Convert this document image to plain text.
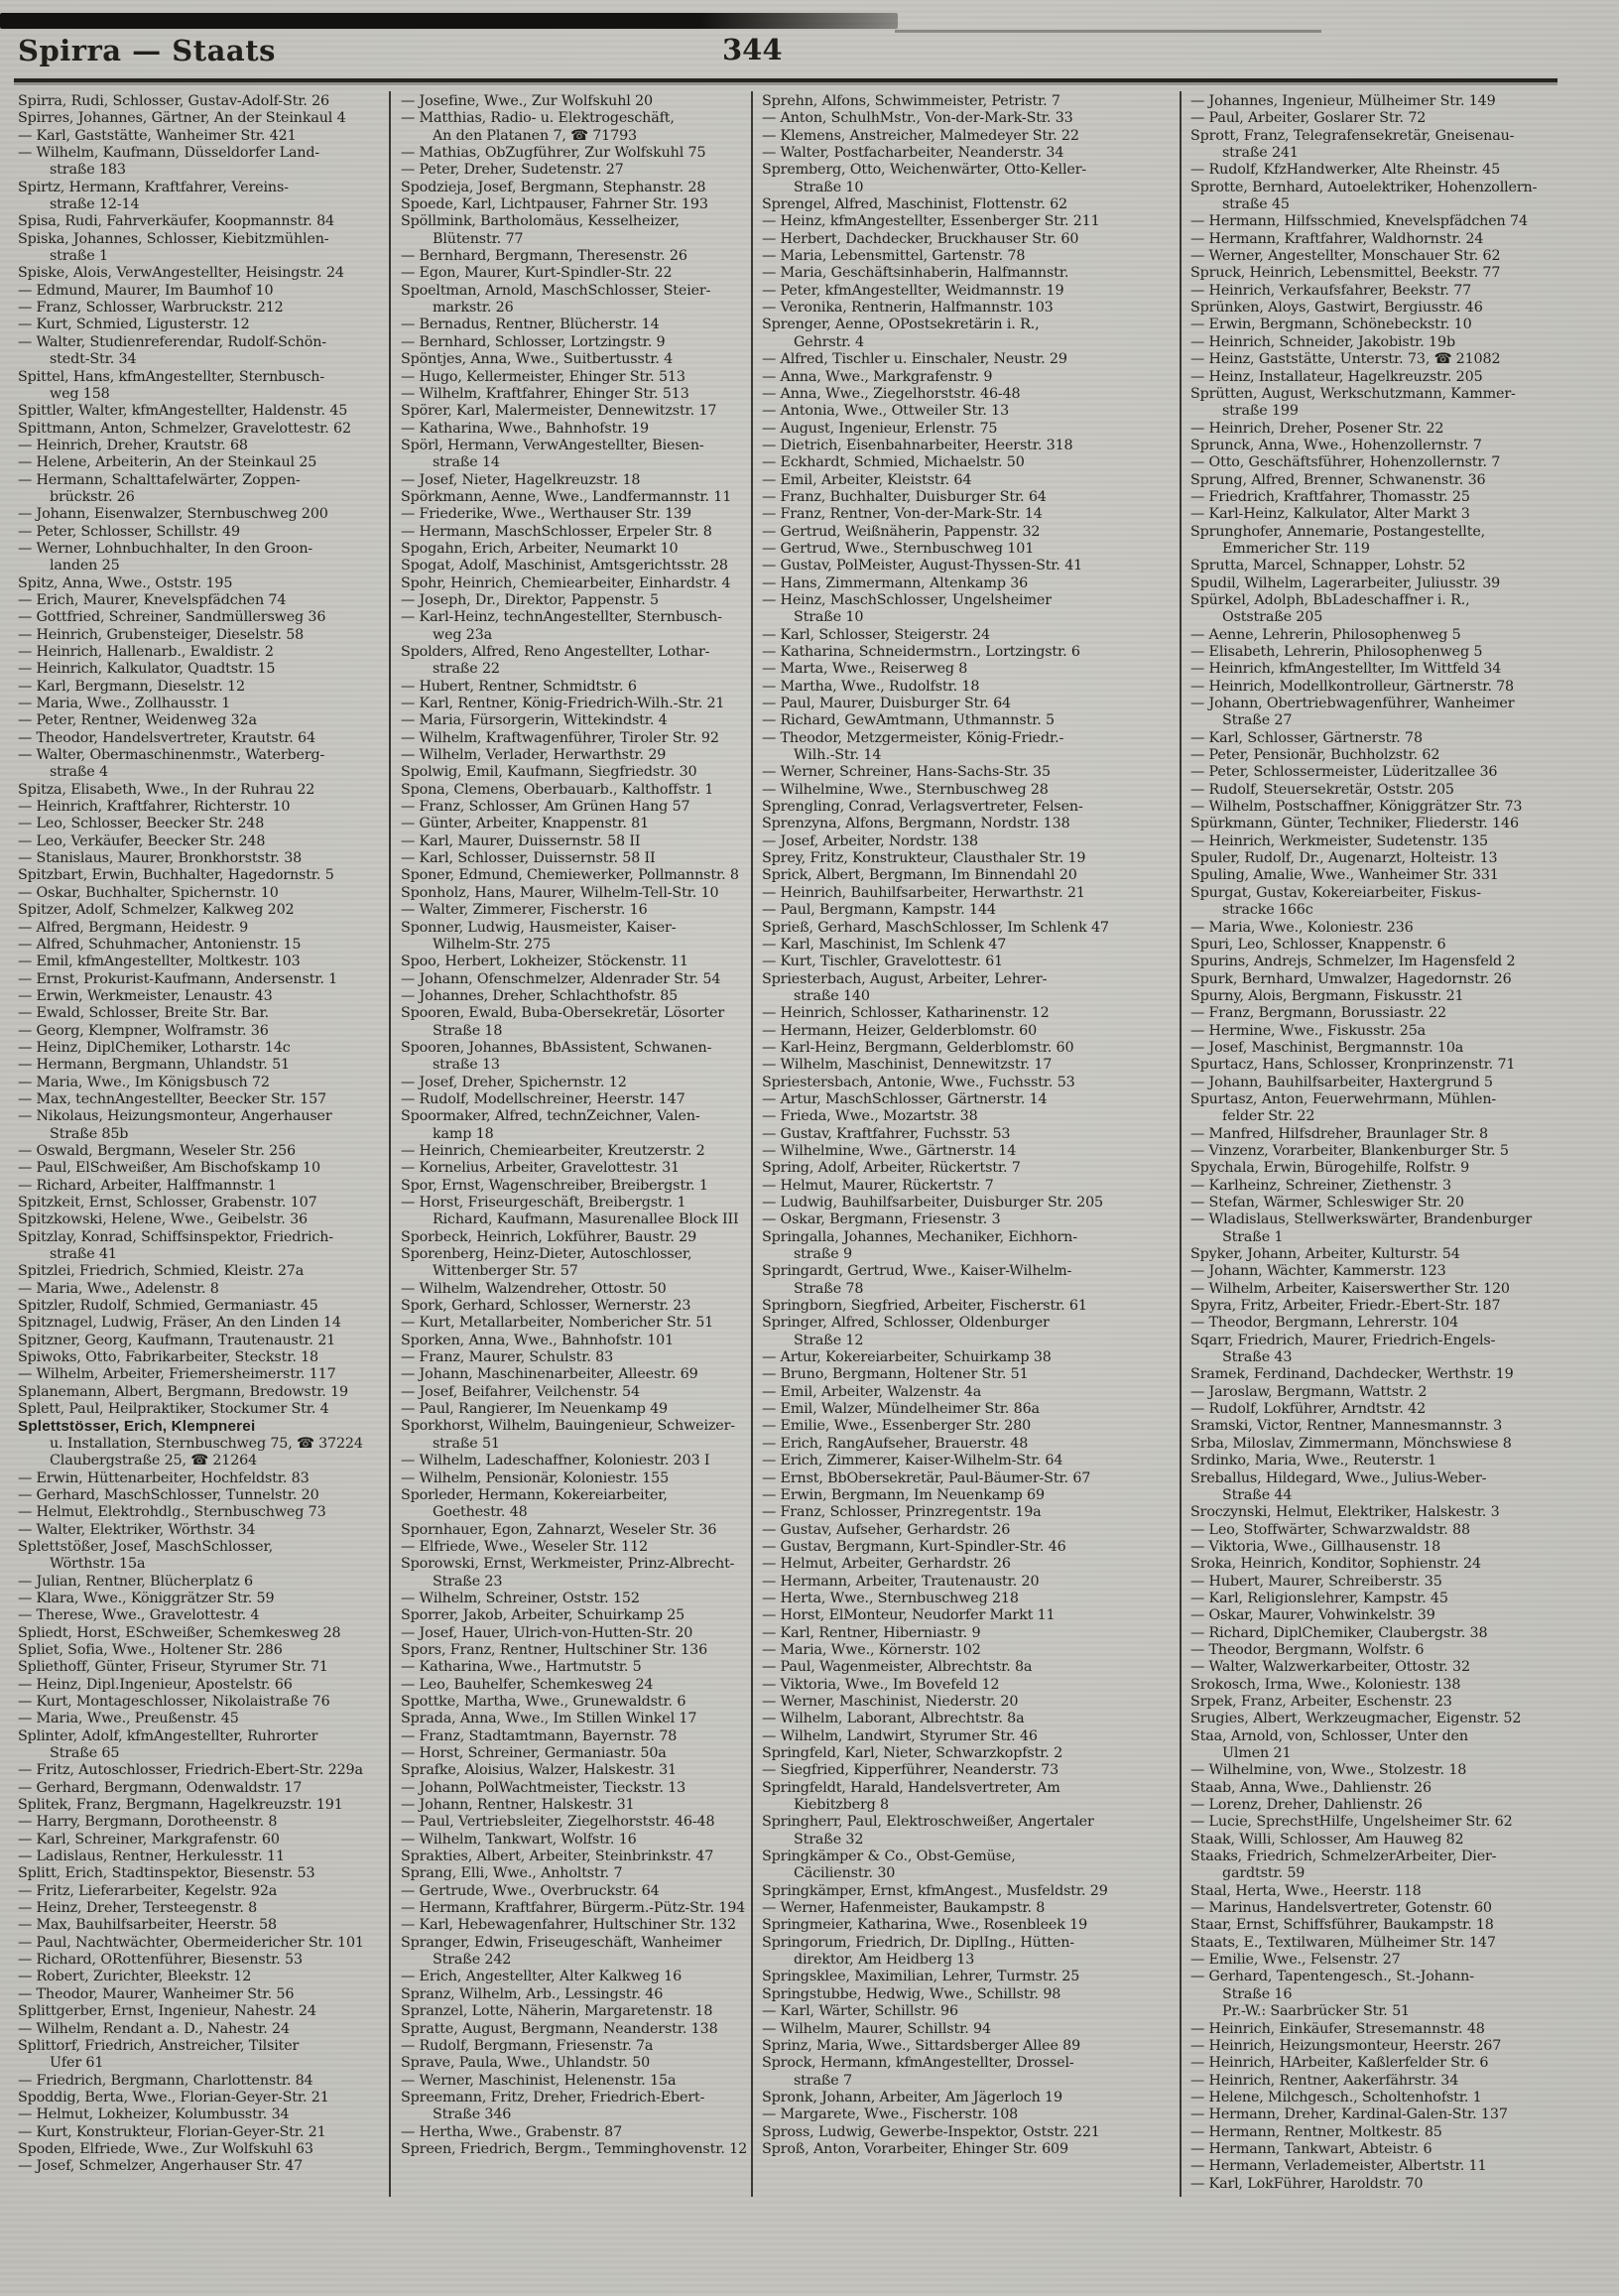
Spirra — Staats	344
Spirra, Rudi, Schlosser, Gustav-Adolf-Str. 26
Spirres, Johannes, Gärtner, An der Steinkaul 4
— Karl, Gaststätte, Wanheimer Str. 421
— Wilhelm, Kaufmann, Düsseldorfer Land-
straße 183
Spirtz, Hermann, Kraftfahrer, Vereins-
straße 12-14
Spisa, Rudi, Fahrverkäufer, Koopmannstr. 84
Spiska, Johannes, Schlosser, Kiebitzmühlen-
straße 1
Spiske, Alois, VerwAngestellter, Heisingstr. 24
— Edmund, Maurer, Im Baumhof 10
— Franz, Schlosser, Warbruckstr. 212
— Kurt, Schmied, Ligusterstr. 12
— Walter, Studienreferendar, Rudolf-Schön-
stedt-Str. 34
Spittel, Hans, kfmAngestellter, Sternbusch-
weg 158
Spittler, Walter, kfmAngestellter, Haldenstr. 45
Spittmann, Anton, Schmelzer, Gravelottestr. 62
— Heinrich, Dreher, Krautstr. 68
— Helene, Arbeiterin, An der Steinkaul 25
— Hermann, Schalttafelwärter, Zoppen-
brückstr. 26
— Johann, Eisenwalzer, Sternbuschweg 200
— Peter, Schlosser, Schillstr. 49
— Werner, Lohnbuchhalter, In den Groon-
landen 25
Spitz, Anna, Wwe., Oststr. 195
— Erich, Maurer, Knevelspfädchen 74
— Gottfried, Schreiner, Sandmüllersweg 36
— Heinrich, Grubensteiger, Dieselstr. 58
— Heinrich, Hallenarb., Ewaldistr. 2
— Heinrich, Kalkulator, Quadtstr. 15
— Karl, Bergmann, Dieselstr. 12
— Maria, Wwe., Zollhausstr. 1
— Peter, Rentner, Weidenweg 32a
— Theodor, Handelsvertreter, Krautstr. 64
— Walter, Obermaschinenmstr., Waterberg-
straße 4
Spitza, Elisabeth, Wwe., In der Ruhrau 22
— Heinrich, Kraftfahrer, Richterstr. 10
— Leo, Schlosser, Beecker Str. 248
— Leo, Verkäufer, Beecker Str. 248
— Stanislaus, Maurer, Bronkhorststr. 38
Spitzbart, Erwin, Buchhalter, Hagedornstr. 5
— Oskar, Buchhalter, Spichernstr. 10
Spitzer, Adolf, Schmelzer, Kalkweg 202
— Alfred, Bergmann, Heidestr. 9
— Alfred, Schuhmacher, Antonienstr. 15
— Emil, kfmAngestellter, Moltkestr. 103
— Ernst, Prokurist-Kaufmann, Andersenstr. 1
— Erwin, Werkmeister, Lenaustr. 43
— Ewald, Schlosser, Breite Str. Bar.
— Georg, Klempner, Wolframstr. 36
— Heinz, DiplChemiker, Lotharstr. 14c
— Hermann, Bergmann, Uhlandstr. 51
— Maria, Wwe., Im Königsbusch 72
— Max, technAngestellter, Beecker Str. 157
— Nikolaus, Heizungsmonteur, Angerhauser
Straße 85b
— Oswald, Bergmann, Weseler Str. 256
— Paul, ElSchweißer, Am Bischofskamp 10
— Richard, Arbeiter, Halffmannstr. 1
Spitzkeit, Ernst, Schlosser, Grabenstr. 107
Spitzkowski, Helene, Wwe., Geibelstr. 36
Spitzlay, Konrad, Schiffsinspektor, Friedrich-
straße 41
Spitzlei, Friedrich, Schmied, Kleistr. 27a
— Maria, Wwe., Adelenstr. 8
Spitzler, Rudolf, Schmied, Germaniastr. 45
Spitznagel, Ludwig, Fräser, An den Linden 14
Spitzner, Georg, Kaufmann, Trautenaustr. 21
Spiwoks, Otto, Fabrikarbeiter, Steckstr. 18
— Wilhelm, Arbeiter, Friemersheimerstr. 117
Splanemann, Albert, Bergmann, Bredowstr. 19
Splett, Paul, Heilpraktiker, Stockumer Str. 4
Splettstösser, Erich, Klempnerei
u. Installation, Sternbuschweg 75, ☎ 37224
Claubergstraße 25, ☎ 21264
— Erwin, Hüttenarbeiter, Hochfeldstr. 83
— Gerhard, MaschSchlosser, Tunnelstr. 20
— Helmut, Elektrohdlg., Sternbuschweg 73
— Walter, Elektriker, Wörthstr. 34
Splettstößer, Josef, MaschSchlosser,
Wörthstr. 15a
— Julian, Rentner, Blücherplatz 6
— Klara, Wwe., Königgrätzer Str. 59
— Therese, Wwe., Gravelottestr. 4
Spliedt, Horst, ESchweißer, Schemkesweg 28
Spliet, Sofia, Wwe., Holtener Str. 286
Spliethoff, Günter, Friseur, Styrumer Str. 71
— Heinz, Dipl.Ingenieur, Apostelstr. 66
— Kurt, Montageschlosser, Nikolaistraße 76
— Maria, Wwe., Preußenstr. 45
Splinter, Adolf, kfmAngestellter, Ruhrorter
Straße 65
— Fritz, Autoschlosser, Friedrich-Ebert-Str. 229a
— Gerhard, Bergmann, Odenwaldstr. 17
Splitek, Franz, Bergmann, Hagelkreuzstr. 191
— Harry, Bergmann, Dorotheenstr. 8
— Karl, Schreiner, Markgrafenstr. 60
— Ladislaus, Rentner, Herkulesstr. 11
Splitt, Erich, Stadtinspektor, Biesenstr. 53
— Fritz, Lieferarbeiter, Kegelstr. 92a
— Heinz, Dreher, Tersteegenstr. 8
— Max, Bauhilfsarbeiter, Heerstr. 58
— Paul, Nachtwächter, Obermeidericher Str. 101
— Richard, ORottenführer, Biesenstr. 53
— Robert, Zurichter, Bleekstr. 12
— Theodor, Maurer, Wanheimer Str. 56
Splittgerber, Ernst, Ingenieur, Nahestr. 24
— Wilhelm, Rendant a. D., Nahestr. 24
Splittorf, Friedrich, Anstreicher, Tilsiter
Ufer 61
— Friedrich, Bergmann, Charlottenstr. 84
Spoddig, Berta, Wwe., Florian-Geyer-Str. 21
— Helmut, Lokheizer, Kolumbusstr. 34
— Kurt, Konstrukteur, Florian-Geyer-Str. 21
Spoden, Elfriede, Wwe., Zur Wolfskuhl 63
— Josef, Schmelzer, Angerhauser Str. 47
— Josefine, Wwe., Zur Wolfskuhl 20
— Matthias, Radio- u. Elektrogeschäft,
An den Platanen 7, ☎ 71793
— Mathias, ObZugführer, Zur Wolfskuhl 75
— Peter, Dreher, Sudetenstr. 27
Spodzieja, Josef, Bergmann, Stephanstr. 28
Spoede, Karl, Lichtpauser, Fahrner Str. 193
Spöllmink, Bartholomäus, Kesselheizer,
Blütenstr. 77
— Bernhard, Bergmann, Theresenstr. 26
— Egon, Maurer, Kurt-Spindler-Str. 22
Spoeltman, Arnold, MaschSchlosser, Steier-
markstr. 26
— Bernadus, Rentner, Blücherstr. 14
— Bernhard, Schlosser, Lortzingstr. 9
Spöntjes, Anna, Wwe., Suitbertusstr. 4
— Hugo, Kellermeister, Ehinger Str. 513
— Wilhelm, Kraftfahrer, Ehinger Str. 513
Spörer, Karl, Malermeister, Dennewitzstr. 17
— Katharina, Wwe., Bahnhofstr. 19
Spörl, Hermann, VerwAngestellter, Biesen-
straße 14
— Josef, Nieter, Hagelkreuzstr. 18
Spörkmann, Aenne, Wwe., Landfermannstr. 11
— Friederike, Wwe., Werthauser Str. 139
— Hermann, MaschSchlosser, Erpeler Str. 8
Spogahn, Erich, Arbeiter, Neumarkt 10
Spogat, Adolf, Maschinist, Amtsgerichtsstr. 28
Spohr, Heinrich, Chemiearbeiter, Einhardstr. 4
— Joseph, Dr., Direktor, Pappenstr. 5
— Karl-Heinz, technAngestellter, Sternbusch-
weg 23a
Spolders, Alfred, Reno Angestellter, Lothar-
straße 22
— Hubert, Rentner, Schmidtstr. 6
— Karl, Rentner, König-Friedrich-Wilh.-Str. 21
— Maria, Fürsorgerin, Wittekindstr. 4
— Wilhelm, Kraftwagenführer, Tiroler Str. 92
— Wilhelm, Verlader, Herwarthstr. 29
Spolwig, Emil, Kaufmann, Siegfriedstr. 30
Spona, Clemens, Oberbauarb., Kalthoffstr. 1
— Franz, Schlosser, Am Grünen Hang 57
— Günter, Arbeiter, Knappenstr. 81
— Karl, Maurer, Duissernstr. 58 II
— Karl, Schlosser, Duissernstr. 58 II
Sponer, Edmund, Chemiewerker, Pollmannstr. 8
Sponholz, Hans, Maurer, Wilhelm-Tell-Str. 10
— Walter, Zimmerer, Fischerstr. 16
Sponner, Ludwig, Hausmeister, Kaiser-
Wilhelm-Str. 275
Spoo, Herbert, Lokheizer, Stöckenstr. 11
— Johann, Ofenschmelzer, Aldenrader Str. 54
— Johannes, Dreher, Schlachthofstr. 85
Spooren, Ewald, Buba-Obersekretär, Lösorter
Straße 18
Spooren, Johannes, BbAssistent, Schwanen-
straße 13
— Josef, Dreher, Spichernstr. 12
— Rudolf, Modellschreiner, Heerstr. 147
Spoormaker, Alfred, technZeichner, Valen-
kamp 18
— Heinrich, Chemiearbeiter, Kreutzerstr. 2
— Kornelius, Arbeiter, Gravelottestr. 31
Spor, Ernst, Wagenschreiber, Breibergstr. 1
— Horst, Friseurgeschäft, Breibergstr. 1
Richard, Kaufmann, Masurenallee Block III
Sporbeck, Heinrich, Lokführer, Baustr. 29
Sporenberg, Heinz-Dieter, Autoschlosser,
Wittenberger Str. 57
— Wilhelm, Walzendreher, Ottostr. 50
Spork, Gerhard, Schlosser, Wernerstr. 23
— Kurt, Metallarbeiter, Nombericher Str. 51
Sporken, Anna, Wwe., Bahnhofstr. 101
— Franz, Maurer, Schulstr. 83
— Johann, Maschinenarbeiter, Alleestr. 69
— Josef, Beifahrer, Veilchenstr. 54
— Paul, Rangierer, Im Neuenkamp 49
Sporkhorst, Wilhelm, Bauingenieur, Schweizer-
straße 51
— Wilhelm, Ladeschaffner, Koloniestr. 203 I
— Wilhelm, Pensionär, Koloniestr. 155
Sporleder, Hermann, Kokereiarbeiter,
Goethestr. 48
Spornhauer, Egon, Zahnarzt, Weseler Str. 36
— Elfriede, Wwe., Weseler Str. 112
Sporowski, Ernst, Werkmeister, Prinz-Albrecht-
Straße 23
— Wilhelm, Schreiner, Oststr. 152
Sporrer, Jakob, Arbeiter, Schuirkamp 25
— Josef, Hauer, Ulrich-von-Hutten-Str. 20
Spors, Franz, Rentner, Hultschiner Str. 136
— Katharina, Wwe., Hartmutstr. 5
— Leo, Bauhelfer, Schemkesweg 24
Spottke, Martha, Wwe., Grunewaldstr. 6
Sprada, Anna, Wwe., Im Stillen Winkel 17
— Franz, Stadtamtmann, Bayernstr. 78
— Horst, Schreiner, Germaniastr. 50a
Sprafke, Aloisius, Walzer, Halskestr. 31
— Johann, PolWachtmeister, Tieckstr. 13
— Johann, Rentner, Halskestr. 31
— Paul, Vertriebsleiter, Ziegelhorststr. 46-48
— Wilhelm, Tankwart, Wolfstr. 16
Sprakties, Albert, Arbeiter, Steinbrinkstr. 47
Sprang, Elli, Wwe., Anholtstr. 7
— Gertrude, Wwe., Overbruckstr. 64
— Hermann, Kraftfahrer, Bürgerm.-Pütz-Str. 194
— Karl, Hebewagenfahrer, Hultschiner Str. 132
Spranger, Edwin, Friseugeschäft, Wanheimer
Straße 242
— Erich, Angestellter, Alter Kalkweg 16
Spranz, Wilhelm, Arb., Lessingstr. 46
Spranzel, Lotte, Näherin, Margaretenstr. 18
Spratte, August, Bergmann, Neanderstr. 138
— Rudolf, Bergmann, Friesenstr. 7a
Sprave, Paula, Wwe., Uhlandstr. 50
— Werner, Maschinist, Helenenstr. 15a
Spreemann, Fritz, Dreher, Friedrich-Ebert-
Straße 346
— Hertha, Wwe., Grabenstr. 87
Spreen, Friedrich, Bergm., Temminghovenstr. 12
Sprehn, Alfons, Schwimmeister, Petristr. 7
— Anton, SchulhMstr., Von-der-Mark-Str. 33
— Klemens, Anstreicher, Malmedeyer Str. 22
— Walter, Postfacharbeiter, Neanderstr. 34
Spremberg, Otto, Weichenwärter, Otto-Keller-
Straße 10
Sprengel, Alfred, Maschinist, Flottenstr. 62
— Heinz, kfmAngestellter, Essenberger Str. 211
— Herbert, Dachdecker, Bruckhauser Str. 60
— Maria, Lebensmittel, Gartenstr. 78
— Maria, Geschäftsinhaberin, Halfmannstr.
— Peter, kfmAngestellter, Weidmannstr. 19
— Veronika, Rentnerin, Halfmannstr. 103
Sprenger, Aenne, OPostsekretärin i. R.,
Gehrstr. 4
— Alfred, Tischler u. Einschaler, Neustr. 29
— Anna, Wwe., Markgrafenstr. 9
— Anna, Wwe., Ziegelhorststr. 46-48
— Antonia, Wwe., Ottweiler Str. 13
— August, Ingenieur, Erlenstr. 75
— Dietrich, Eisenbahnarbeiter, Heerstr. 318
— Eckhardt, Schmied, Michaelstr. 50
— Emil, Arbeiter, Kleiststr. 64
— Franz, Buchhalter, Duisburger Str. 64
— Franz, Rentner, Von-der-Mark-Str. 14
— Gertrud, Weißnäherin, Pappenstr. 32
— Gertrud, Wwe., Sternbuschweg 101
— Gustav, PolMeister, August-Thyssen-Str. 41
— Hans, Zimmermann, Altenkamp 36
— Heinz, MaschSchlosser, Ungelsheimer
Straße 10
— Karl, Schlosser, Steigerstr. 24
— Katharina, Schneidermstrn., Lortzingstr. 6
— Marta, Wwe., Reiserweg 8
— Martha, Wwe., Rudolfstr. 18
— Paul, Maurer, Duisburger Str. 64
— Richard, GewAmtmann, Uthmannstr. 5
— Theodor, Metzgermeister, König-Friedr.-
Wilh.-Str. 14
— Werner, Schreiner, Hans-Sachs-Str. 35
— Wilhelmine, Wwe., Sternbuschweg 28
Sprengling, Conrad, Verlagsvertreter, Felsen-
Sprenzyna, Alfons, Bergmann, Nordstr. 138
— Josef, Arbeiter, Nordstr. 138
Sprey, Fritz, Konstrukteur, Clausthaler Str. 19
Sprick, Albert, Bergmann, Im Binnendahl 20
— Heinrich, Bauhilfsarbeiter, Herwarthstr. 21
— Paul, Bergmann, Kampstr. 144
Sprieß, Gerhard, MaschSchlosser, Im Schlenk 47
— Karl, Maschinist, Im Schlenk 47
— Kurt, Tischler, Gravelottestr. 61
Spriesterbach, August, Arbeiter, Lehrer-
straße 140
— Heinrich, Schlosser, Katharinenstr. 12
— Hermann, Heizer, Gelderblomstr. 60
— Karl-Heinz, Bergmann, Gelderblomstr. 60
— Wilhelm, Maschinist, Dennewitzstr. 17
Spriestersbach, Antonie, Wwe., Fuchsstr. 53
— Artur, MaschSchlosser, Gärtnerstr. 14
— Frieda, Wwe., Mozartstr. 38
— Gustav, Kraftfahrer, Fuchsstr. 53
— Wilhelmine, Wwe., Gärtnerstr. 14
Spring, Adolf, Arbeiter, Rückertstr. 7
— Helmut, Maurer, Rückertstr. 7
— Ludwig, Bauhilfsarbeiter, Duisburger Str. 205
— Oskar, Bergmann, Friesenstr. 3
Springalla, Johannes, Mechaniker, Eichhorn-
straße 9
Springardt, Gertrud, Wwe., Kaiser-Wilhelm-
Straße 78
Springborn, Siegfried, Arbeiter, Fischerstr. 61
Springer, Alfred, Schlosser, Oldenburger
Straße 12
— Artur, Kokereiarbeiter, Schuirkamp 38
— Bruno, Bergmann, Holtener Str. 51
— Emil, Arbeiter, Walzenstr. 4a
— Emil, Walzer, Mündelheimer Str. 86a
— Emilie, Wwe., Essenberger Str. 280
— Erich, RangAufseher, Brauerstr. 48
— Erich, Zimmerer, Kaiser-Wilhelm-Str. 64
— Ernst, BbObersekretär, Paul-Bäumer-Str. 67
— Erwin, Bergmann, Im Neuenkamp 69
— Franz, Schlosser, Prinzregentstr. 19a
— Gustav, Aufseher, Gerhardstr. 26
— Gustav, Bergmann, Kurt-Spindler-Str. 46
— Helmut, Arbeiter, Gerhardstr. 26
— Hermann, Arbeiter, Trautenaustr. 20
— Herta, Wwe., Sternbuschweg 218
— Horst, ElMonteur, Neudorfer Markt 11
— Karl, Rentner, Hiberniastr. 9
— Maria, Wwe., Körnerstr. 102
— Paul, Wagenmeister, Albrechtstr. 8a
— Viktoria, Wwe., Im Bovefeld 12
— Werner, Maschinist, Niederstr. 20
— Wilhelm, Laborant, Albrechtstr. 8a
— Wilhelm, Landwirt, Styrumer Str. 46
Springfeld, Karl, Nieter, Schwarzkopfstr. 2
— Siegfried, Kipperführer, Neanderstr. 73
Springfeldt, Harald, Handelsvertreter, Am
Kiebitzberg 8
Springherr, Paul, Elektroschweißer, Angertaler
Straße 32
Springkämper & Co., Obst-Gemüse,
Cäcilienstr. 30
Springkämper, Ernst, kfmAngest., Musfeldstr. 29
— Werner, Hafenmeister, Baukampstr. 8
Springmeier, Katharina, Wwe., Rosenbleek 19
Springorum, Friedrich, Dr. DiplIng., Hütten-
direktor, Am Heidberg 13
Springsklee, Maximilian, Lehrer, Turmstr. 25
Springstubbe, Hedwig, Wwe., Schillstr. 98
— Karl, Wärter, Schillstr. 96
— Wilhelm, Maurer, Schillstr. 94
Sprinz, Maria, Wwe., Sittardsberger Allee 89
Sprock, Hermann, kfmAngestellter, Drossel-
straße 7
Spronk, Johann, Arbeiter, Am Jägerloch 19
— Margarete, Wwe., Fischerstr. 108
Spross, Ludwig, Gewerbe-Inspektor, Oststr. 221
Sproß, Anton, Vorarbeiter, Ehinger Str. 609
— Johannes, Ingenieur, Mülheimer Str. 149
— Paul, Arbeiter, Goslarer Str. 72
Sprott, Franz, Telegrafensekretär, Gneisenau-
straße 241
— Rudolf, KfzHandwerker, Alte Rheinstr. 45
Sprotte, Bernhard, Autoelektriker, Hohenzollern-
straße 45
— Hermann, Hilfsschmied, Knevelspfädchen 74
— Hermann, Kraftfahrer, Waldhornstr. 24
— Werner, Angestellter, Monschauer Str. 62
Spruck, Heinrich, Lebensmittel, Beekstr. 77
— Heinrich, Verkaufsfahrer, Beekstr. 77
Sprünken, Aloys, Gastwirt, Bergiusstr. 46
— Erwin, Bergmann, Schönebeckstr. 10
— Heinrich, Schneider, Jakobistr. 19b
— Heinz, Gaststätte, Unterstr. 73, ☎ 21082
— Heinz, Installateur, Hagelkreuzstr. 205
Sprütten, August, Werkschutzmann, Kammer-
straße 199
— Heinrich, Dreher, Posener Str. 22
Sprunck, Anna, Wwe., Hohenzollernstr. 7
— Otto, Geschäftsführer, Hohenzollernstr. 7
Sprung, Alfred, Brenner, Schwanenstr. 36
— Friedrich, Kraftfahrer, Thomasstr. 25
— Karl-Heinz, Kalkulator, Alter Markt 3
Sprunghofer, Annemarie, Postangestellte,
Emmericher Str. 119
Sprutta, Marcel, Schnapper, Lohstr. 52
Spudil, Wilhelm, Lagerarbeiter, Juliusstr. 39
Spürkel, Adolph, BbLadeschaffner i. R.,
Oststraße 205
— Aenne, Lehrerin, Philosophenweg 5
— Elisabeth, Lehrerin, Philosophenweg 5
— Heinrich, kfmAngestellter, Im Wittfeld 34
— Heinrich, Modellkontrolleur, Gärtnerstr. 78
— Johann, Obertriebwagenführer, Wanheimer
Straße 27
— Karl, Schlosser, Gärtnerstr. 78
— Peter, Pensionär, Buchholzstr. 62
— Peter, Schlossermeister, Lüderitzallee 36
— Rudolf, Steuersekretär, Oststr. 205
— Wilhelm, Postschaffner, Königgrätzer Str. 73
Spürkmann, Günter, Techniker, Fliederstr. 146
— Heinrich, Werkmeister, Sudetenstr. 135
Spuler, Rudolf, Dr., Augenarzt, Holteistr. 13
Spuling, Amalie, Wwe., Wanheimer Str. 331
Spurgat, Gustav, Kokereiarbeiter, Fiskus-
stracke 166c
— Maria, Wwe., Koloniestr. 236
Spuri, Leo, Schlosser, Knappenstr. 6
Spurins, Andrejs, Schmelzer, Im Hagensfeld 2
Spurk, Bernhard, Umwalzer, Hagedornstr. 26
Spurny, Alois, Bergmann, Fiskusstr. 21
— Franz, Bergmann, Borussiastr. 22
— Hermine, Wwe., Fiskusstr. 25a
— Josef, Maschinist, Bergmannstr. 10a
Spurtacz, Hans, Schlosser, Kronprinzenstr. 71
— Johann, Bauhilfsarbeiter, Haxtergrund 5
Spurtasz, Anton, Feuerwehrmann, Mühlen-
felder Str. 22
— Manfred, Hilfsdreher, Braunlager Str. 8
— Vinzenz, Vorarbeiter, Blankenburger Str. 5
Spychala, Erwin, Bürogehilfe, Rolfstr. 9
— Karlheinz, Schreiner, Ziethenstr. 3
— Stefan, Wärmer, Schleswiger Str. 20
— Wladislaus, Stellwerkswärter, Brandenburger
Straße 1
Spyker, Johann, Arbeiter, Kulturstr. 54
— Johann, Wächter, Kammerstr. 123
— Wilhelm, Arbeiter, Kaiserswerther Str. 120
Spyra, Fritz, Arbeiter, Friedr.-Ebert-Str. 187
— Theodor, Bergmann, Lehrerstr. 104
Sqarr, Friedrich, Maurer, Friedrich-Engels-
Straße 43
Sramek, Ferdinand, Dachdecker, Werthstr. 19
— Jaroslaw, Bergmann, Wattstr. 2
— Rudolf, Lokführer, Arndtstr. 42
Sramski, Victor, Rentner, Mannesmannstr. 3
Srba, Miloslav, Zimmermann, Mönchswiese 8
Srdinko, Maria, Wwe., Reuterstr. 1
Sreballus, Hildegard, Wwe., Julius-Weber-
Straße 44
Sroczynski, Helmut, Elektriker, Halskestr. 3
— Leo, Stoffwärter, Schwarzwaldstr. 88
— Viktoria, Wwe., Gillhausenstr. 18
Sroka, Heinrich, Konditor, Sophienstr. 24
— Hubert, Maurer, Schreiberstr. 35
— Karl, Religionslehrer, Kampstr. 45
— Oskar, Maurer, Vohwinkelstr. 39
— Richard, DiplChemiker, Claubergstr. 38
— Theodor, Bergmann, Wolfstr. 6
— Walter, Walzwerkarbeiter, Ottostr. 32
Srokosch, Irma, Wwe., Koloniestr. 138
Srpek, Franz, Arbeiter, Eschenstr. 23
Srugies, Albert, Werkzeugmacher, Eigenstr. 52
Staa, Arnold, von, Schlosser, Unter den
Ulmen 21
— Wilhelmine, von, Wwe., Stolzestr. 18
Staab, Anna, Wwe., Dahlienstr. 26
— Lorenz, Dreher, Dahlienstr. 26
— Lucie, SprechstHilfe, Ungelsheimer Str. 62
Staak, Willi, Schlosser, Am Hauweg 82
Staaks, Friedrich, SchmelzerArbeiter, Dier-
gardtstr. 59
Staal, Herta, Wwe., Heerstr. 118
— Marinus, Handelsvertreter, Gotenstr. 60
Staar, Ernst, Schiffsführer, Baukampstr. 18
Staats, E., Textilwaren, Mülheimer Str. 147
— Emilie, Wwe., Felsenstr. 27
— Gerhard, Tapentengesch., St.-Johann-
Straße 16
Pr.-W.: Saarbrücker Str. 51
— Heinrich, Einkäufer, Stresemannstr. 48
— Heinrich, Heizungsmonteur, Heerstr. 267
— Heinrich, HArbeiter, Kaßlerfelder Str. 6
— Heinrich, Rentner, Aakerfährstr. 34
— Helene, Milchgesch., Scholtenhofstr. 1
— Hermann, Dreher, Kardinal-Galen-Str. 137
— Hermann, Rentner, Moltkestr. 85
— Hermann, Tankwart, Abteistr. 6
— Hermann, Verlademeister, Albertstr. 11
— Karl, LokFührer, Haroldstr. 70
